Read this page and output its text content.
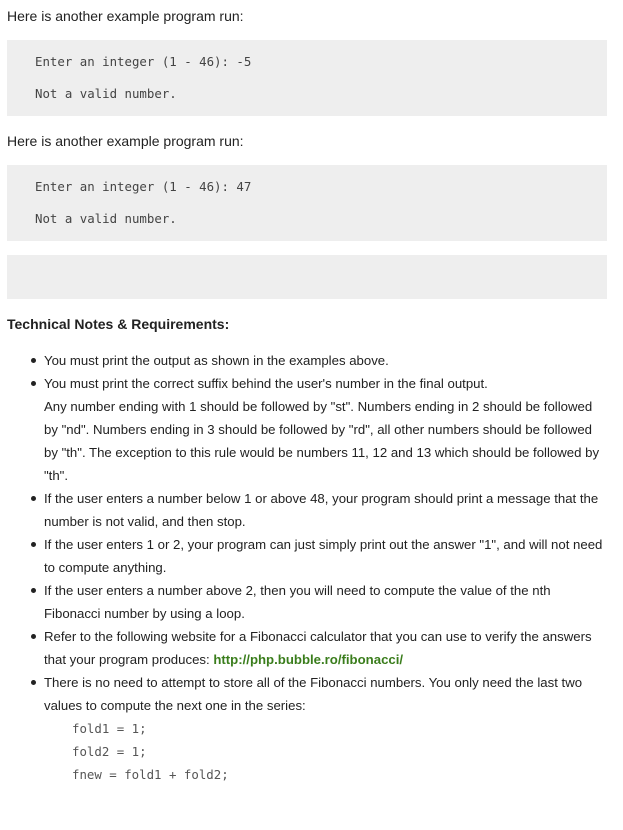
Here is another example program run:
Enter an integer (1 - 46): -5
Not a valid number.
Here is another example program run:
Enter an integer (1 - 46): 47
Not a valid number.
Technical Notes & Requirements:
You must print the output as shown in the examples above.
You must print the correct suffix behind the user's number in the final output.
Any number ending with 1 should be followed by "st". Numbers ending in 2 should be followed
by "nd". Numbers ending in 3 should be followed by "rd", all other numbers should be followed
by "th". The exception to this rule would be numbers 11, 12 and 13 which should be followed by
"th".
If the user enters a number below 1 or above 48, your program should print a message that the
number is not valid, and then stop.
If the user enters 1 or 2, your program can just simply print out the answer "1", and will not need
to compute anything.
If the user enters a number above 2, then you will need to compute the value of the nth
Fibonacci number by using a loop.
Refer to the following website for a Fibonacci calculator that you can use to verify the answers
that your program produces: http://php.bubble.ro/fibonacci/
There is no need to attempt to store all of the Fibonacci numbers. You only need the last two
values to compute the next one in the series:
fold1 = 1;
fold2 = 1;
fnew = fold1 + fold2;
